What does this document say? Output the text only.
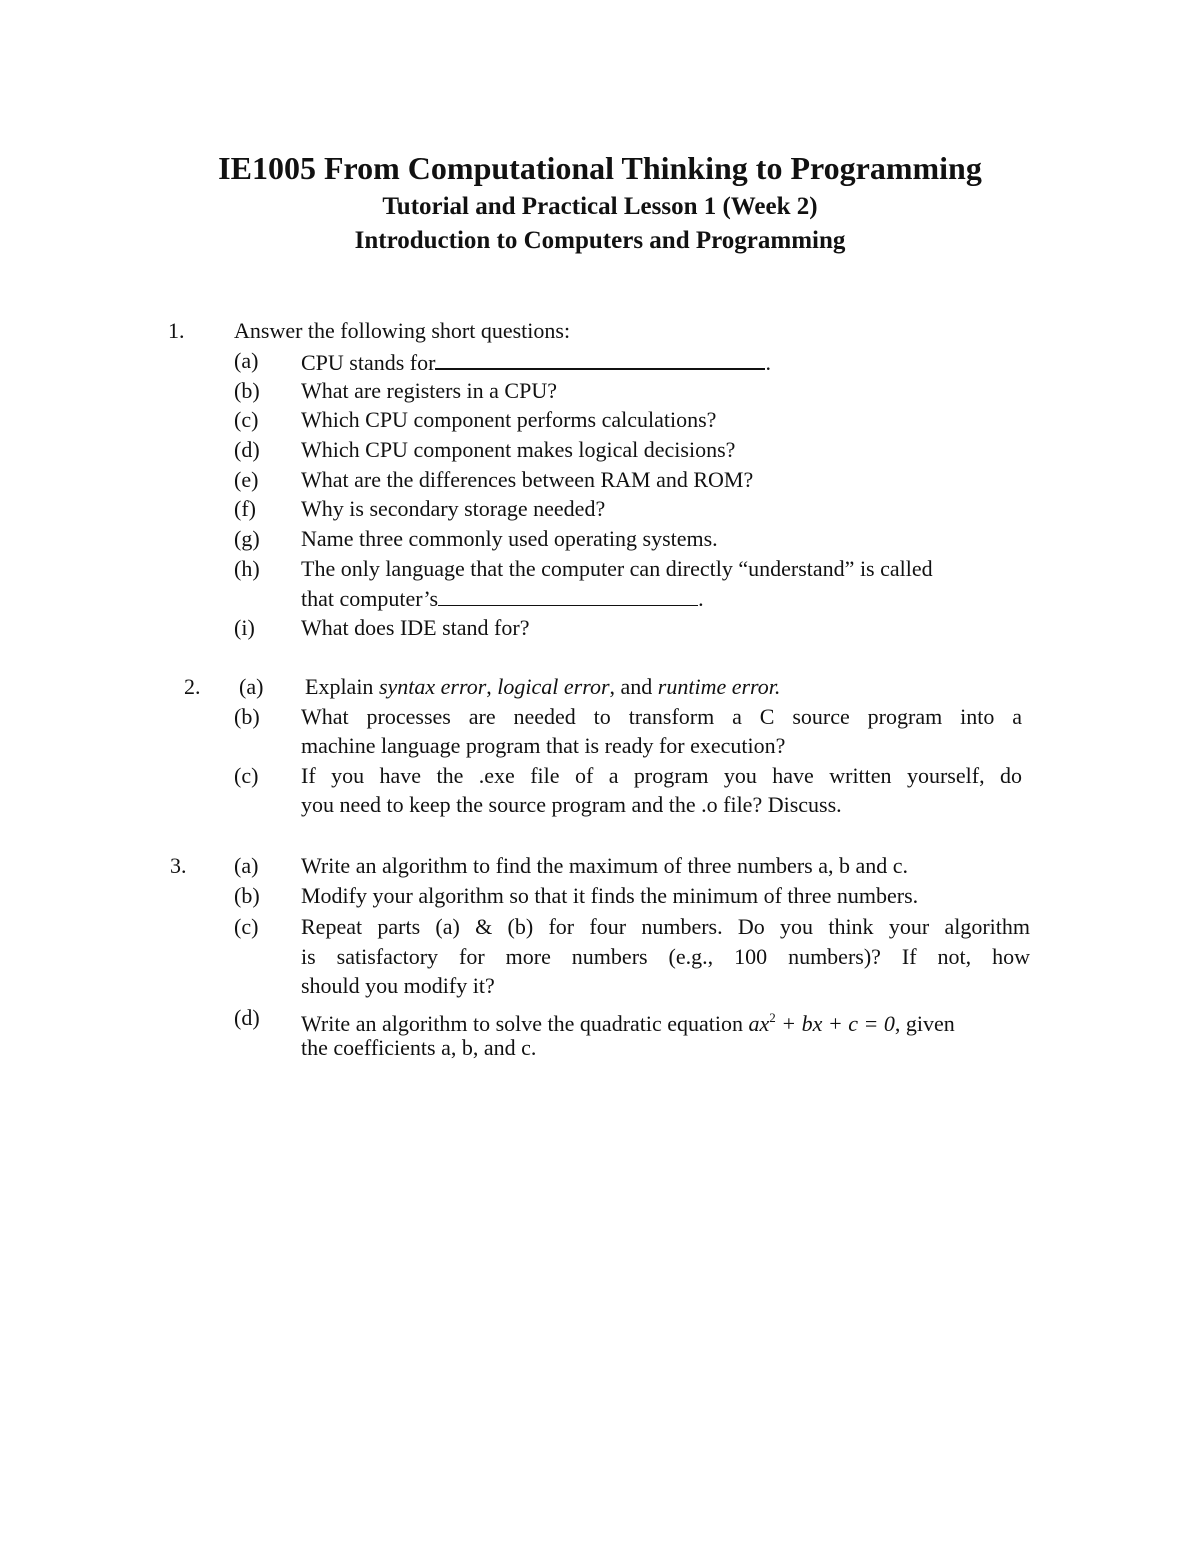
IE1005 From Computational Thinking to Programming
Tutorial and Practical Lesson 1 (Week 2)
Introduction to Computers and Programming
1.	Answer the following short questions:
(a) CPU stands for	.
(b) What are registers in a CPU?
(c) Which CPU component performs calculations?
(d) Which CPU component makes logical decisions?
(e) What are the differences between RAM and ROM?
(f) Why is secondary storage needed?
(g) Name three commonly used operating systems.
(h) The only language that the computer can directly “understand” is called
that computer’s	.
(i) What does IDE stand for?
2.	(a) Explain syntax error, logical error, and runtime error.
(b) What processes are needed to transform a C source program into a
machine language program that is ready for execution?
(c) If you have the .exe file of a program you have written yourself, do
you need to keep the source program and the .o file? Discuss.
3.	(a) Write an algorithm to find the maximum of three numbers a, b and c.
(b) Modify your algorithm so that it finds the minimum of three numbers.
(c) Repeat parts (a) & (b) for four numbers. Do you think your algorithm
is satisfactory for more numbers (e.g., 100 numbers)? If not, how
should you modify it?
(d) Write an algorithm to solve the quadratic equation $ax^2$ + bx + c = 0, given
the coefficients a, b, and c.
